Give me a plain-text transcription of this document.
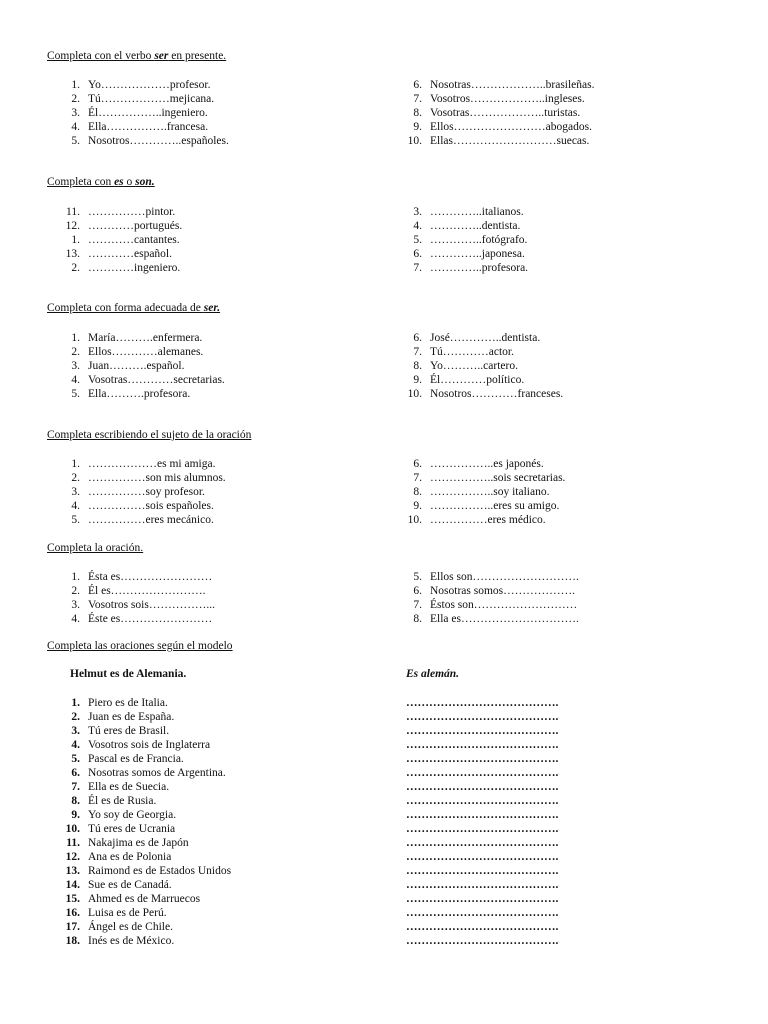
Completa con el verbo ser en presente.
1. Yo………………profesor.
2. Tú………………mejicana.
3. Él……………..ingeniero.
4. Ella…………….francesa.
5. Nosotros…………..españoles.
6. Nosotras………………..brasileñas.
7. Vosotros………………..ingleses.
8. Vosotras………………..turistas.
9. Ellos……………………abogados.
10. Ellas………………………suecas.
Completa con es o son.
11. ……………pintor.
12. …………portugués.
1. …………cantantes.
13. …………español.
2. …………ingeniero.
3. …………..italianos.
4. …………..dentista.
5. …………..fotógrafo.
6. …………..japonesa.
7. …………..profesora.
Completa con forma adecuada de ser.
1. María……….enfermera.
2. Ellos…………alemanes.
3. Juan……….español.
4. Vosotras…………secretarias.
5. Ella……….profesora.
6. José…………..dentista.
7. Tú…………actor.
8. Yo………..cartero.
9. Él…………político.
10. Nosotros…………franceses.
Completa escribiendo el sujeto de la oración
1. ………………es mi amiga.
2. ……………son mis alumnos.
3. ……………soy profesor.
4. ……………sois españoles.
5. ……………eres mecánico.
6. ……………..es japonés.
7. ……………..sois secretarias.
8. ……………..soy italiano.
9. ……………..eres su amigo.
10. ……………eres médico.
Completa la oración.
1. Ésta es……………………
2. Él es…………………….
3. Vosotros sois……………...
4. Éste es……………………
5. Ellos son……………………….
6. Nosotras somos……………….
7. Éstos son………………………
8. Ella es………………………….
Completa las oraciones según el modelo
Helmut es de Alemania.	Es alemán.
1. Piero es de Italia.
2. Juan es de España.
3. Tú eres de Brasil.
4. Vosotros sois de Inglaterra
5. Pascal es de Francia.
6. Nosotras somos de Argentina.
7. Ella es de Suecia.
8. Él es de Rusia.
9. Yo soy de Georgia.
10. Tú eres de Ucrania
11. Nakajima es de Japón
12. Ana es de Polonia
13. Raimond es de Estados Unidos
14. Sue es de Canadá.
15. Ahmed es de Marruecos
16. Luisa es de Perú.
17. Ángel es de Chile.
18. Inés es de México.
………………………………….
………………………………….
………………………………….
………………………………….
………………………………….
………………………………….
………………………………….
………………………………….
………………………………….
………………………………….
………………………………….
………………………………….
………………………………….
………………………………….
………………………………….
………………………………….
………………………………….
………………………………….
